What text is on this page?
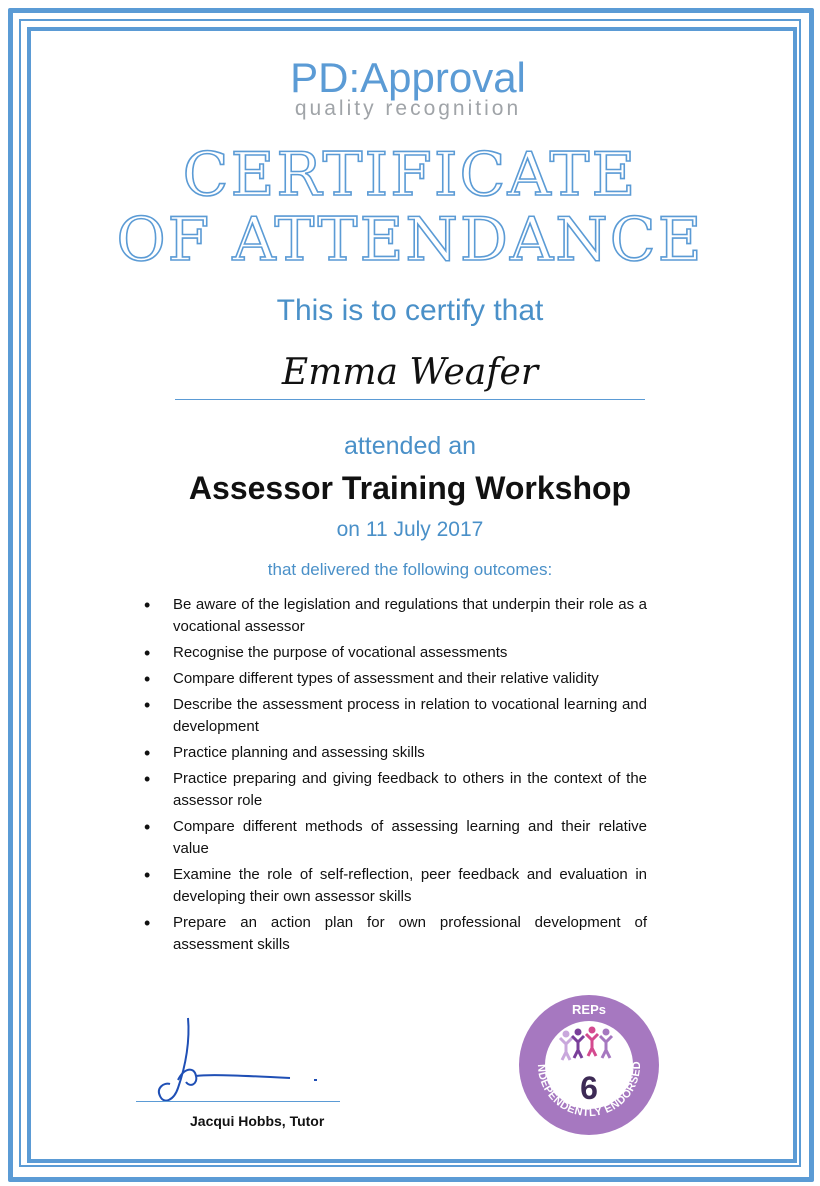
PD:Approval
quality recognition
CERTIFICATE
OF ATTENDANCE
This is to certify that
Emma Weafer
attended an
Assessor Training Workshop
on 11 July 2017
that delivered the following outcomes:
• Be aware of the legislation and regulations that underpin their role as a vocational assessor
• Recognise the purpose of vocational assessments
• Compare different types of assessment and their relative validity
• Describe the assessment process in relation to vocational learning and development
• Practice planning and assessing skills
• Practice preparing and giving feedback to others in the context of the assessor role
• Compare different methods of assessing learning and their relative value
• Examine the role of self-reflection, peer feedback and evaluation in developing their own assessor skills
• Prepare an action plan for own professional development of assessment skills
Jacqui Hobbs, Tutor
REPs
NDEPENDENTLY ENDORSED
6
